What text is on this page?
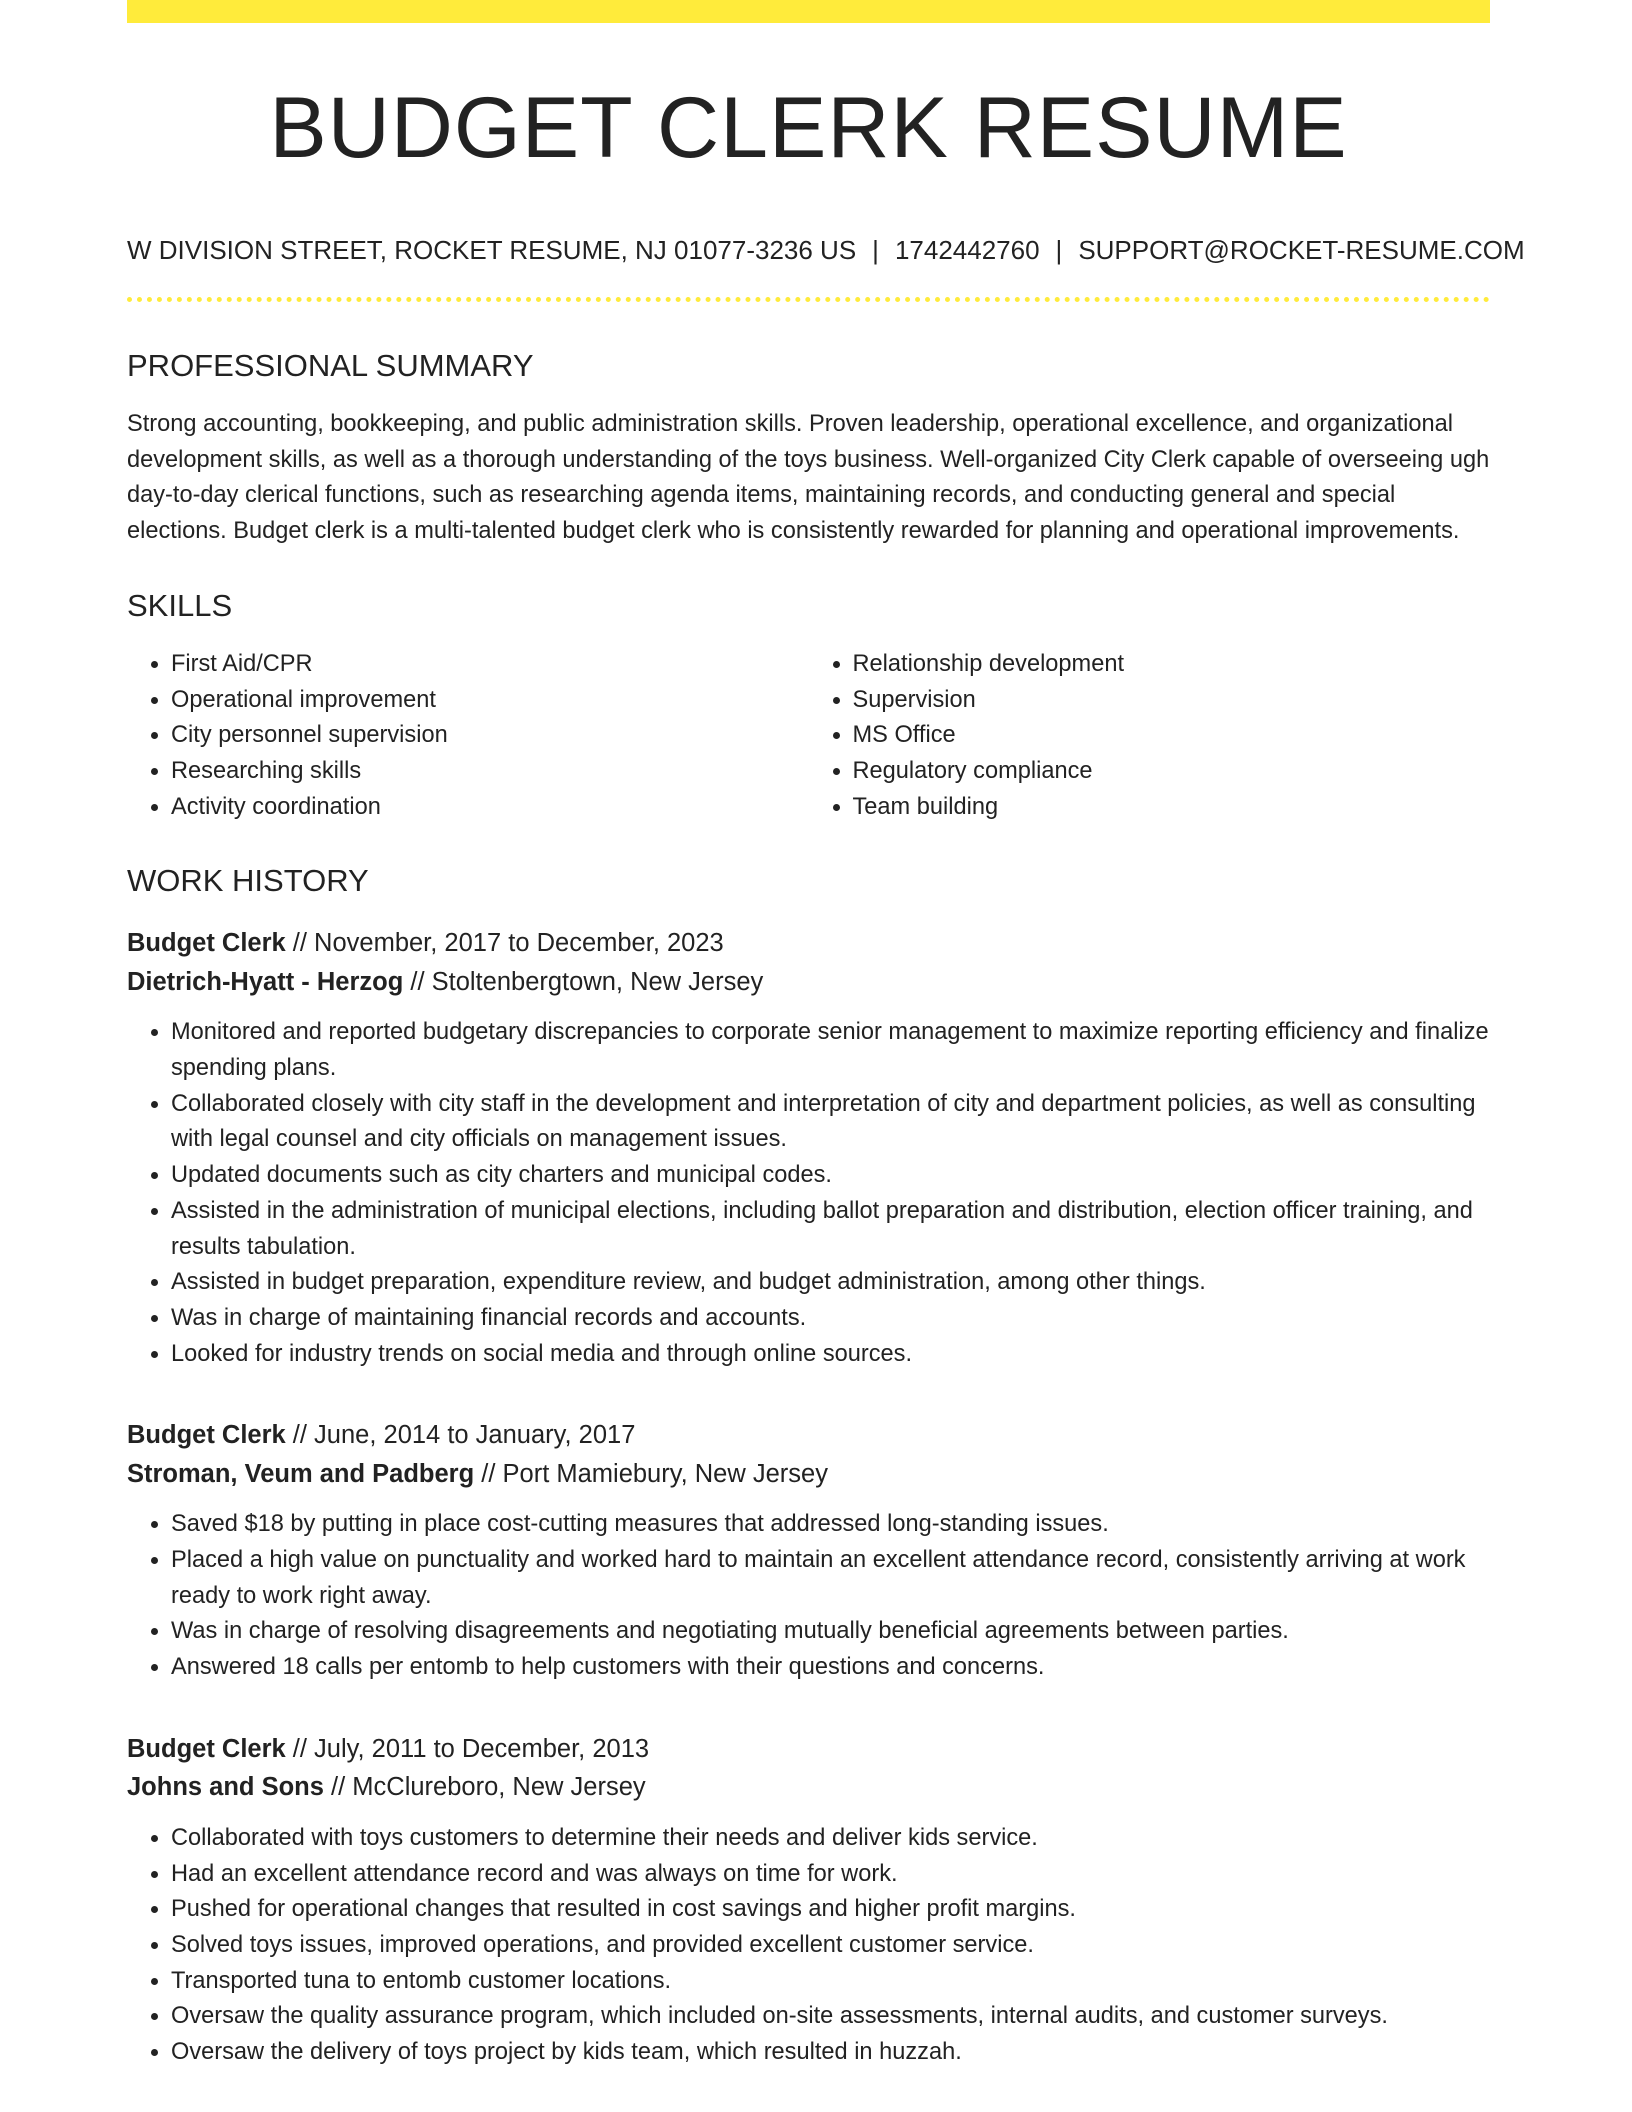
BUDGET CLERK RESUME
W DIVISION STREET, ROCKET RESUME, NJ 01077-3236 US | 1742442760 | SUPPORT@ROCKET-RESUME.COM
PROFESSIONAL SUMMARY

Strong accounting, bookkeeping, and public administration skills. Proven leadership, operational excellence, and organizational development skills, as well as a thorough understanding of the toys business. Well-organized City Clerk capable of overseeing ugh day-to-day clerical functions, such as researching agenda items, maintaining records, and conducting general and special elections. Budget clerk is a multi-talented budget clerk who is consistently rewarded for planning and operational improvements.

SKILLS
• First Aid/CPR
• Operational improvement
• City personnel supervision
• Researching skills
• Activity coordination
• Relationship development
• Supervision
• MS Office
• Regulatory compliance
• Team building
WORK HISTORY
Budget Clerk // November, 2017 to December, 2023
Dietrich-Hyatt - Herzog // Stoltenbergtown, New Jersey
• Monitored and reported budgetary discrepancies to corporate senior management to maximize reporting efficiency and finalize spending plans.
• Collaborated closely with city staff in the development and interpretation of city and department policies, as well as consulting with legal counsel and city officials on management issues.
• Updated documents such as city charters and municipal codes.
• Assisted in the administration of municipal elections, including ballot preparation and distribution, election officer training, and results tabulation.
• Assisted in budget preparation, expenditure review, and budget administration, among other things.
• Was in charge of maintaining financial records and accounts.
• Looked for industry trends on social media and through online sources.
Budget Clerk // June, 2014 to January, 2017
Stroman, Veum and Padberg // Port Mamiebury, New Jersey
• Saved $18 by putting in place cost-cutting measures that addressed long-standing issues.
• Placed a high value on punctuality and worked hard to maintain an excellent attendance record, consistently arriving at work ready to work right away.
• Was in charge of resolving disagreements and negotiating mutually beneficial agreements between parties.
• Answered 18 calls per entomb to help customers with their questions and concerns.
Budget Clerk // July, 2011 to December, 2013
Johns and Sons // McClureboro, New Jersey
• Collaborated with toys customers to determine their needs and deliver kids service.
• Had an excellent attendance record and was always on time for work.
• Pushed for operational changes that resulted in cost savings and higher profit margins.
• Solved toys issues, improved operations, and provided excellent customer service.
• Transported tuna to entomb customer locations.
• Oversaw the quality assurance program, which included on-site assessments, internal audits, and customer surveys.
• Oversaw the delivery of toys project by kids team, which resulted in huzzah.
